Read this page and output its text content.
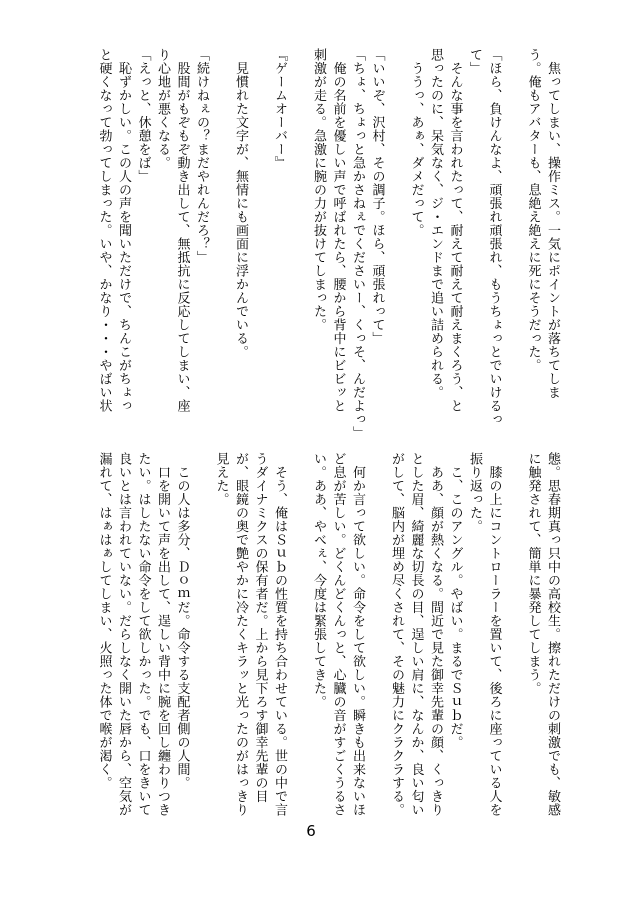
　焦ってしまい、操作ミス。一気にポイントが落ちてしま

う。俺もアバターも、息絶え絶えに死にそうだった。

「ほら、負けんなよ、頑張れ頑張れ、もうちょっとでいけるっ

て」

　そんな事を言われたって、耐えて耐えて耐えまくろう、と

思ったのに、呆気なく、ジ・エンドまで追い詰められる。

　ううっ、あぁ、ダメだって。

「いいぞ、沢村、その調子。ほら、頑張れって」

「ちょ、ちょっと急かさねぇでくださいー、くっそ、んだよっ」

　俺の名前を優しい声で呼ばれたら、腰から背中にビビッと

刺激が走る。急激に腕の力が抜けてしまった。

『ゲームオーバー』

　見慣れた文字が、無情にも画面に浮かんでいる。

「続けねぇの？まだやれんだろ？」

　股間がもぞもぞ動き出して、無抵抗に反応してしまい、座

り心地が悪くなる。

「えっと、休憩をば」

　恥ずかしい。この人の声を聞いただけで、ちんこがちょっ

と硬くなって勃ってしまった。いや、かなり・・・やばい状

態。思春期真っ只中の高校生。擦れただけの刺激でも、敏感

に触発されて、簡単に暴発してしまう。

　膝の上にコントローラーを置いて、後ろに座っている人を

振り返った。

　こ、このアングル。やばい。まるでＳｕｂだ。

　ああ、顔が熱くなる。間近で見た御幸先輩の顔、くっきり

とした眉、綺麗な切長の目、逞しい肩に、なんか、良い匂い

がして、脳内が埋め尽くされて、その魅力にクラクラする。

　何か言って欲しい。命令をして欲しい。瞬きも出来ないほ

ど息が苦しい。どくんどくんっと、心臓の音がすごくうるさ

い。ああ、やべぇ、今度は緊張してきた。

　そう、俺はＳｕｂの性質を持ち合わせている。世の中で言

うダイナミクスの保有者だ。上から見下ろす御幸先輩の目

が、眼鏡の奥で艶やかに冷たくキラッと光ったのがはっきり

見えた。

　この人は多分、Ｄｏｍだ。命令する支配者側の人間。

　口を開いて声を出して、逞しい背中に腕を回し纏わりつき

たい。はしたない命令をして欲しかった。でも、口をきいて

良いとは言われていない。だらしなく開いた唇から、空気が

漏れて、はぁはぁしてしまい、火照った体で喉が渇く。

6
